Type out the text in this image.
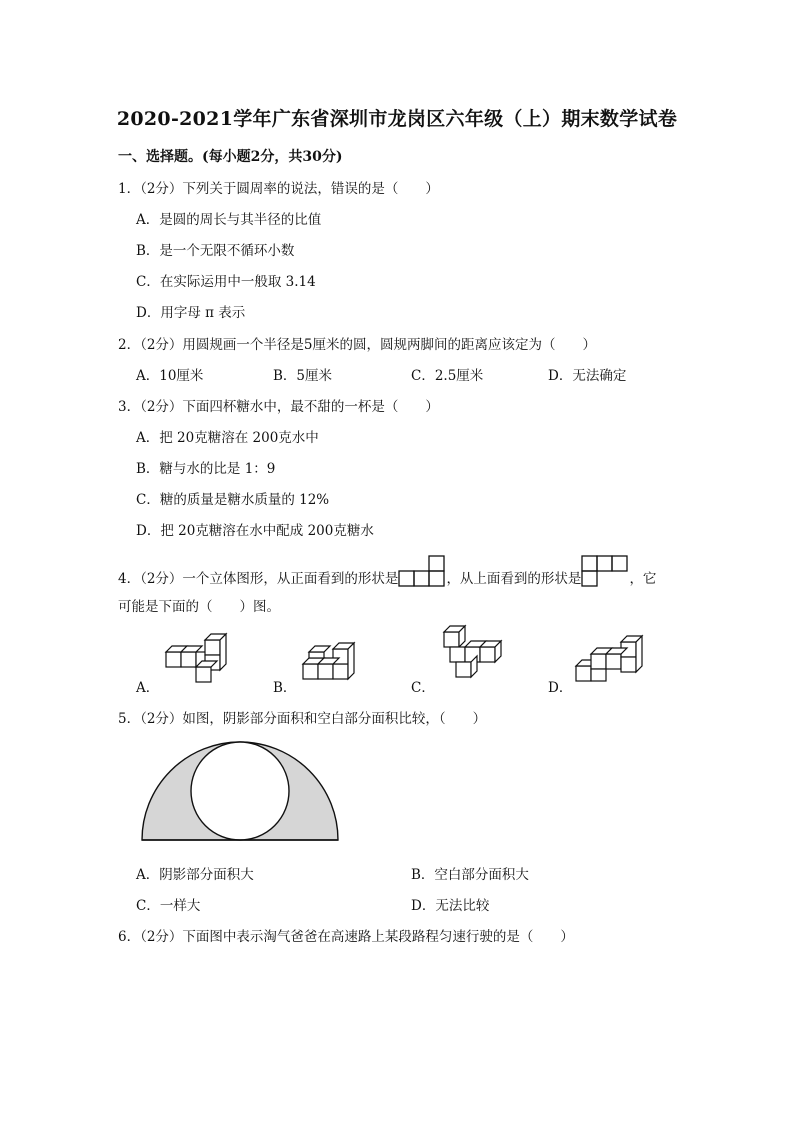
2020-2021学年广东省深圳市龙岗区六年级（上）期末数学试卷
一、选择题。(每小题2分，共30分)
1．（2分）下列关于圆周率的说法，错误的是（　　）
A．是圆的周长与其半径的比值
B．是一个无限不循环小数
C．在实际运用中一般取 3.14
D．用字母 π 表示
2．（2分）用圆规画一个半径是5厘米的圆，圆规两脚间的距离应该定为（　　）
A．10厘米	B．5厘米	C．2.5厘米	D．无法确定
3．（2分）下面四杯糖水中，最不甜的一杯是（　　）
A．把 20克糖溶在 200克水中
B．糖与水的比是 1：9
C．糖的质量是糖水质量的 12%
D．把 20克糖溶在水中配成 200克糖水
4．（2分）一个立体图形，从正面看到的形状是	，从上面看到的形状是	，它
可能是下面的（　　）图。
A．	B．	C．	D．
5．（2分）如图，阴影部分面积和空白部分面积比较，（　　）
A．阴影部分面积大	B．空白部分面积大
C．一样大	D．无法比较
6．（2分）下面图中表示淘气爸爸在高速路上某段路程匀速行驶的是（　　）
